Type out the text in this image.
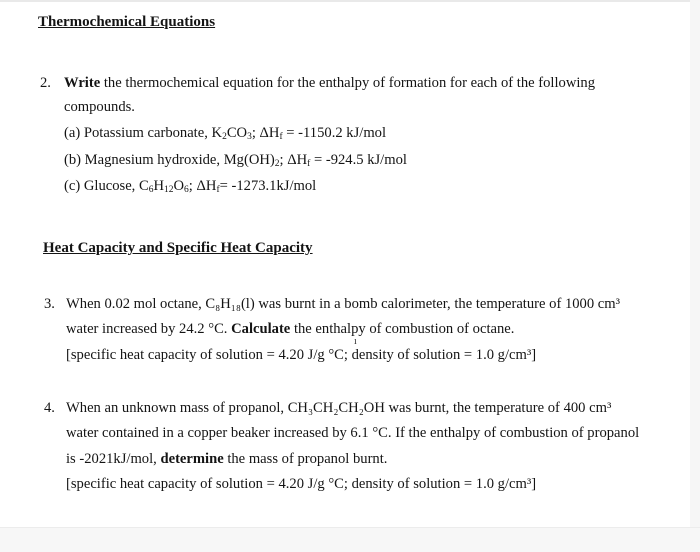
Thermochemical Equations
2. Write the thermochemical equation for the enthalpy of formation for each of the following
compounds.
(a) Potassium carbonate, $K_2CO_3$; $\Delta H_f = -1150.2$ kJ/mol
(b) Magnesium hydroxide, $Mg(OH)_2$; $\Delta H_f = -924.5$ kJ/mol
(c) Glucose, $C_6H_{12}O_6$; $\Delta H_f= -1273.1kJ/mol$
Heat Capacity and Specific Heat Capacity
3. When 0.02 mol octane, C₈H₁₈(l) was burnt in a bomb calorimeter, the temperature of 1000 cm³
water increased by 24.2 °C. Calculate the enthalpy of combustion of octane.
ı
[specific heat capacity of solution = 4.20 J/g °C; density of solution = 1.0 g/cm³]
4. When an unknown mass of propanol, CH₃CH₂CH₂OH was burnt, the temperature of 400 cm³
water contained in a copper beaker increased by 6.1 °C. If the enthalpy of combustion of propanol
is -2021kJ/mol, determine the mass of propanol burnt.
[specific heat capacity of solution = 4.20 J/g °C; density of solution = 1.0 g/cm³]
